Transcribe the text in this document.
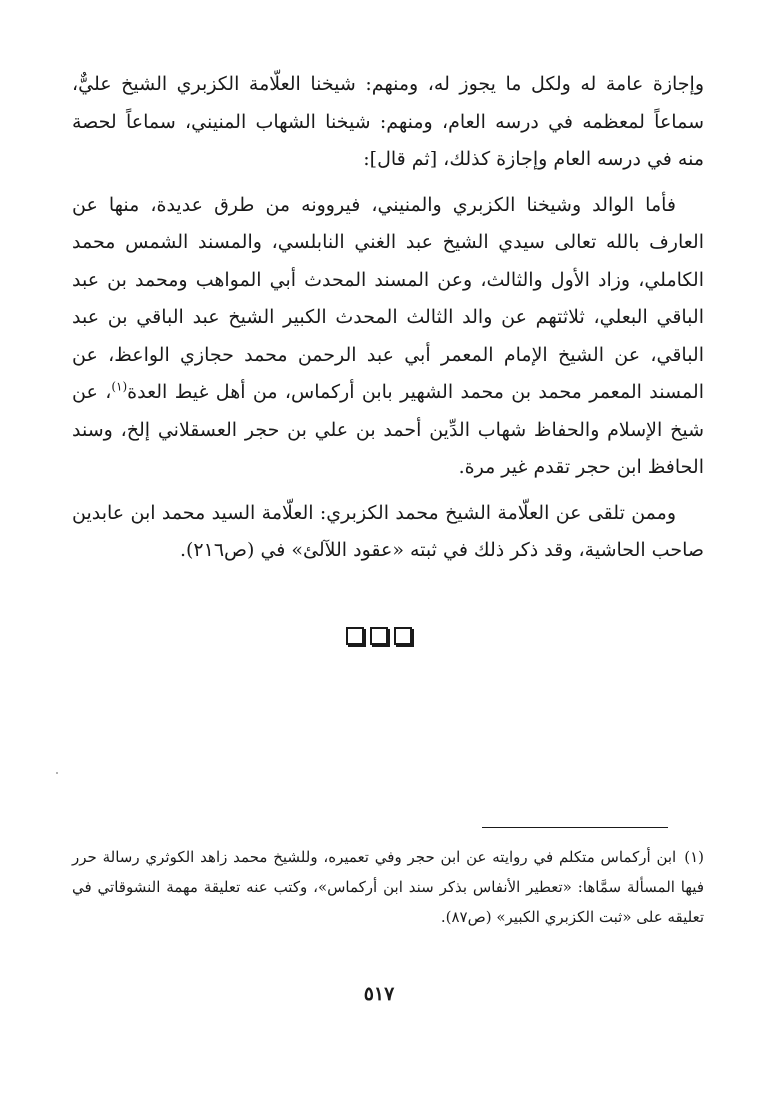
وإجازة عامة له ولكل ما يجوز له، ومنهم: شيخنا العلّامة الكزبري الشيخ عليٌّ، سماعاً لمعظمه في درسه العام، ومنهم: شيخنا الشهاب المنيني، سماعاً لحصة منه في درسه العام وإجازة كذلك، [ثم قال]:

فأما الوالد وشيخنا الكزبري والمنيني، فيروونه من طرق عديدة، منها عن العارف بالله تعالى سيدي الشيخ عبد الغني النابلسي، والمسند الشمس محمد الكاملي، وزاد الأول والثالث، وعن المسند المحدث أبي المواهب ومحمد بن عبد الباقي البعلي، ثلاثتهم عن والد الثالث المحدث الكبير الشيخ عبد الباقي بن عبد الباقي، عن الشيخ الإمام المعمر أبي عبد الرحمن محمد حجازي الواعظ، عن المسند المعمر محمد بن محمد الشهير بابن أركماس، من أهل غيط العدة$^{(١)}$، عن شيخ الإسلام والحفاظ شهاب الدِّين أحمد بن علي بن حجر العسقلاني إلخ، وسند الحافظ ابن حجر تقدم غير مرة.

وممن تلقى عن العلّامة الشيخ محمد الكزبري: العلّامة السيد محمد ابن عابدين صاحب الحاشية، وقد ذكر ذلك في ثبته «عقود اللآلئ» في (ص٢١٦).

(١)ابن أركماس متكلم في روايته عن ابن حجر وفي تعميره، وللشيخ محمد زاهد الكوثري رسالة حرر فيها المسألة سمَّاها: «تعطير الأنفاس بذكر سند ابن أركماس»، وكتب عنه تعليقة مهمة النشوقاتي في تعليقه على «ثبت الكزبري الكبير» (ص٨٧).

٥١٧
